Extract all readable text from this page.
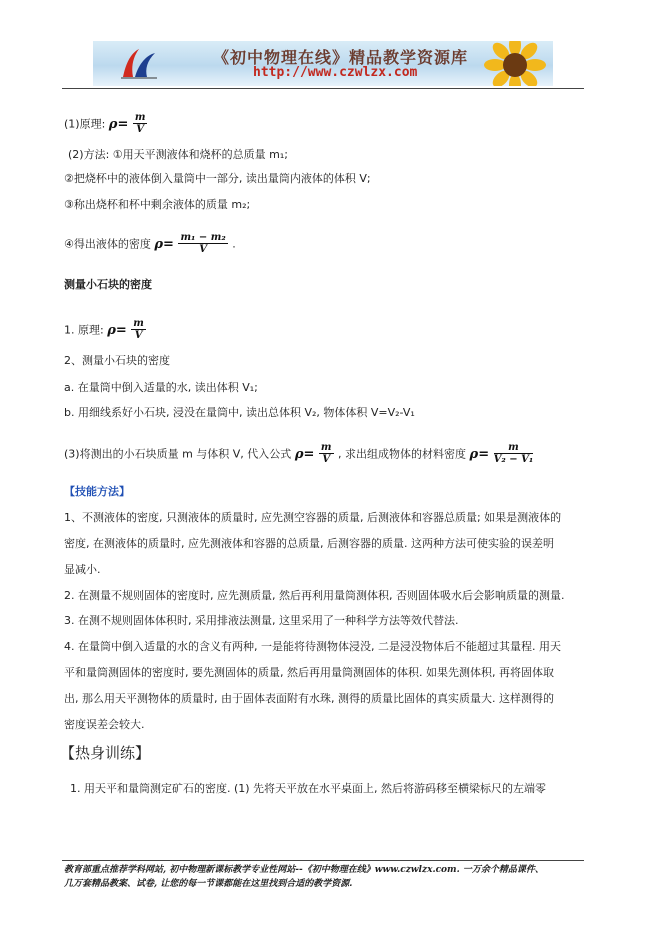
《初中物理在线》精品教学资源库
http://www.czwlzx.com
(1)原理: $\rho= \frac{m}{V}$
(2)方法: ①用天平测液体和烧杯的总质量 m₁;
②把烧杯中的液体倒入量筒中一部分, 读出量筒内液体的体积 V;
③称出烧杯和杯中剩余液体的质量 m₂;
④得出液体的密度 $\rho= \frac{\text{m₁ − m₂}}{V}$ .
测量小石块的密度
1. 原理: $\rho= \frac{m}{V}$
2、测量小石块的密度
a. 在量筒中倒入适量的水, 读出体积 V₁;
b. 用细线系好小石块, 浸没在量筒中, 读出总体积 V₂, 物体体积 V=V₂-V₁
(3)将测出的小石块质量 m 与体积 V, 代入公式 $\rho= \frac{m}{V}$ , 求出组成物体的材料密度 $\rho= \frac{m}{\text{V₂ − V₁}}$
【技能方法】
1、不测液体的密度, 只测液体的质量时, 应先测空容器的质量, 后测液体和容器总质量; 如果是测液体的
密度, 在测液体的质量时, 应先测液体和容器的总质量, 后测容器的质量. 这两种方法可使实验的误差明
显减小.
2. 在测量不规则固体的密度时, 应先测质量, 然后再利用量筒测体积, 否则固体吸水后会影响质量的测量.
3. 在测不规则固体体积时, 采用排液法测量, 这里采用了一种科学方法等效代替法.
4. 在量筒中倒入适量的水的含义有两种, 一是能将待测物体浸没, 二是浸没物体后不能超过其量程. 用天
平和量筒测固体的密度时, 要先测固体的质量, 然后再用量筒测固体的体积. 如果先测体积, 再将固体取
出, 那么用天平测物体的质量时, 由于固体表面附有水珠, 测得的质量比固体的真实质量大. 这样测得的
密度误差会较大.
【热身训练】
1. 用天平和量筒测定矿石的密度. (1) 先将天平放在水平桌面上, 然后将游码移至横梁标尺的左端零
教育部重点推荐学科网站, 初中物理新课标教学专业性网站--《初中物理在线》www.czwlzx.com. 一万余个精品课件、
几万套精品教案、试卷, 让您的每一节课都能在这里找到合适的教学资源.
